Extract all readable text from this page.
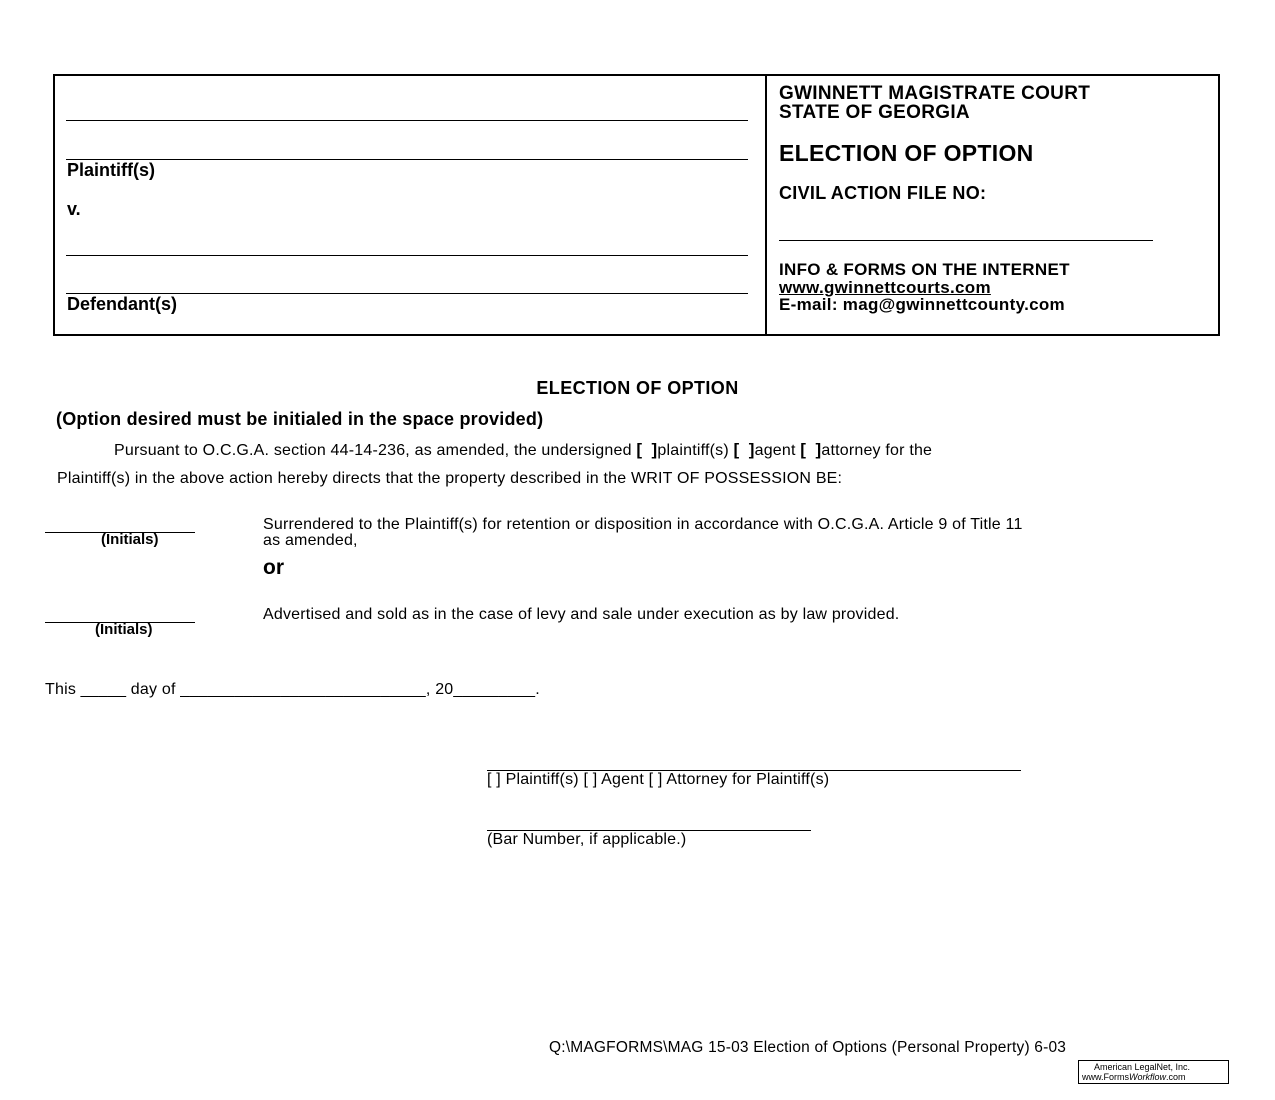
Plaintiff(s)
v.
Defendant(s)
GWINNETT MAGISTRATE COURT
STATE OF GEORGIA
ELECTION OF OPTION
CIVIL ACTION FILE NO:
INFO & FORMS ON THE INTERNET
www.gwinnettcourts.com
E-mail: mag@gwinnettcounty.com
ELECTION OF OPTION
(Option desired must be initialed in the space provided)
Pursuant to O.C.G.A. section 44-14-236, as amended, the undersigned [ ]plaintiff(s) [ ]agent [ ]attorney for the
Plaintiff(s) in the above action hereby directs that the property described in the WRIT OF POSSESSION BE:
(Initials)
Surrendered to the Plaintiff(s) for retention or disposition in accordance with O.C.G.A. Article 9 of Title 11
as amended,
or
(Initials)
Advertised and sold as in the case of levy and sale under execution as by law provided.
This _____ day of ___________________________, 20_________.
[ ] Plaintiff(s) [ ] Agent [ ] Attorney for Plaintiff(s)
(Bar Number, if applicable.)
Q:\MAGFORMS\MAG 15-03 Election of Options (Personal Property) 6-03
American LegalNet, Inc.
www.FormsWorkflow.com
